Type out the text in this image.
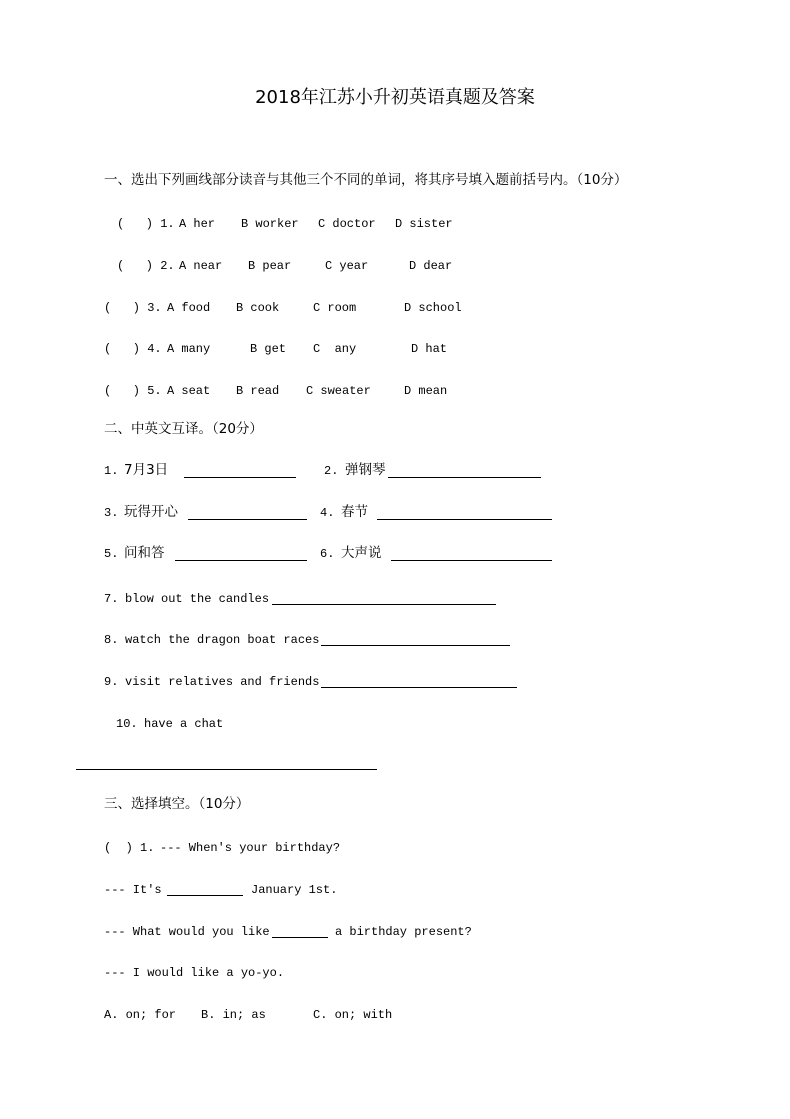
2018年江苏小升初英语真题及答案
一、选出下列画线部分读音与其他三个不同的单词，将其序号填入题前括号内。（10分）
(   ) 1. A her B worker C doctor D sister
(   ) 2. A near B pear	C year	D dear
(   ) 3. A food B cook	C room	D school
(   ) 4. A many	B get C  any	D hat
(   ) 5. A seat B read C sweater	D mean
二、中英文互译。（20分）
1. 7月3日	2. 弹钢琴
3. 玩得开心	4. 春节
5. 问和答	6. 大声说
7. blow out the candles
8. watch the dragon boat races
9. visit relatives and friends
10. have a chat
三、选择填空。（10分）
(  ) 1. --- When's your birthday?
--- It's	January 1st.
--- What would you like	a birthday present?
--- I would like a yo-yo.
A. on; for B. in; as	C. on; with
